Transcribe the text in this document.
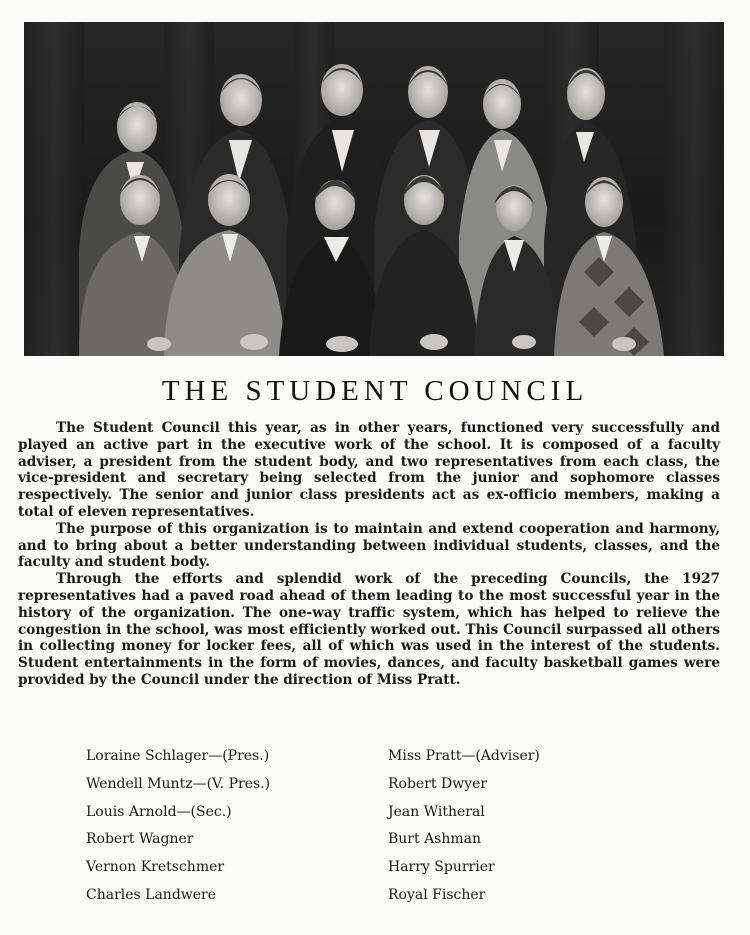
THE STUDENT COUNCIL

The Student Council this year, as in other years, functioned very successfully and played an active part in the executive work of the school. It is composed of a faculty adviser, a president from the student body, and two representatives from each class, the vice-president and secretary being selected from the junior and sophomore classes respectively. The senior and junior class presidents act as ex-officio members, making a total of eleven representatives.

The purpose of this organization is to maintain and extend cooperation and harmony, and to bring about a better understanding between individual students, classes, and the faculty and student body.

Through the efforts and splendid work of the preceding Councils, the 1927 representatives had a paved road ahead of them leading to the most successful year in the history of the organization. The one-way traffic system, which has helped to relieve the congestion in the school, was most efficiently worked out. This Council surpassed all others in collecting money for locker fees, all of which was used in the interest of the students. Student entertainments in the form of movies, dances, and faculty basketball games were provided by the Council under the direction of Miss Pratt.

Loraine Schlager—(Pres.)
Wendell Muntz—(V. Pres.)
Louis Arnold—(Sec.)
Robert Wagner
Vernon Kretschmer
Charles Landwere
Miss Pratt—(Adviser)
Robert Dwyer
Jean Witheral
Burt Ashman
Harry Spurrier
Royal Fischer
